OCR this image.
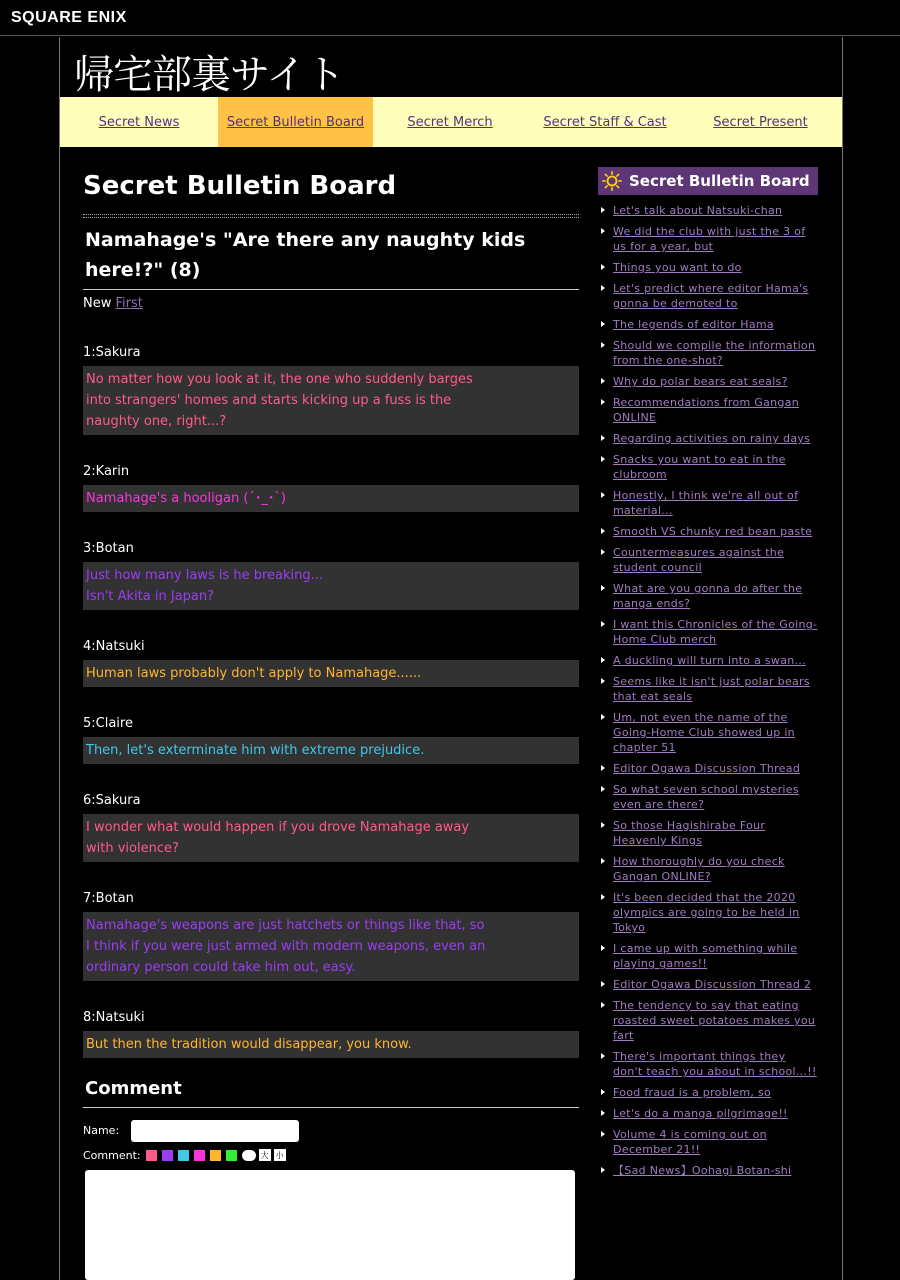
SQUARE ENIX
帰宅部裏サイト
Secret News	Secret Bulletin Board	Secret Merch	Secret Staff & Cast	Secret Present
Secret Bulletin Board
Namahage's "Are there any naughty kids here!?" (8)
New First
1:Sakura
No matter how you look at it, the one who suddenly barges
into strangers' homes and starts kicking up a fuss is the
naughty one, right...?
2:Karin
Namahage's a hooligan (´･_･`)
3:Botan
Just how many laws is he breaking...
Isn't Akita in Japan?
4:Natsuki
Human laws probably don't apply to Namahage......
5:Claire
Then, let's exterminate him with extreme prejudice.
6:Sakura
I wonder what would happen if you drove Namahage away
with violence?
7:Botan
Namahage's weapons are just hatchets or things like that, so
I think if you were just armed with modern weapons, even an
ordinary person could take him out, easy.
8:Natsuki
But then the tradition would disappear, you know.
Comment
Name:
Comment:	大 小
Secret Bulletin Board
Let's talk about Natsuki-chan
We did the club with just the 3 of us for a year, but
Things you want to do
Let's predict where editor Hama's gonna be demoted to
The legends of editor Hama
Should we compile the information from the one-shot?
Why do polar bears eat seals?
Recommendations from Gangan ONLINE
Regarding activities on rainy days
Snacks you want to eat in the clubroom
Honestly, I think we're all out of material...
Smooth VS chunky red bean paste
Countermeasures against the student council
What are you gonna do after the manga ends?
I want this Chronicles of the Going-Home Club merch
A duckling will turn into a swan...
Seems like it isn't just polar bears that eat seals
Um, not even the name of the Going-Home Club showed up in chapter 51
Editor Ogawa Discussion Thread
So what seven school mysteries even are there?
So those Hagishirabe Four Heavenly Kings
How thoroughly do you check Gangan ONLINE?
It's been decided that the 2020 olympics are going to be held in Tokyo
I came up with something while playing games!!
Editor Ogawa Discussion Thread 2
The tendency to say that eating roasted sweet potatoes makes you fart
There's important things they don't teach you about in school...!!
Food fraud is a problem, so
Let's do a manga pilgrimage!!
Volume 4 is coming out on December 21!!
【Sad News】Oohagi Botan-shi
